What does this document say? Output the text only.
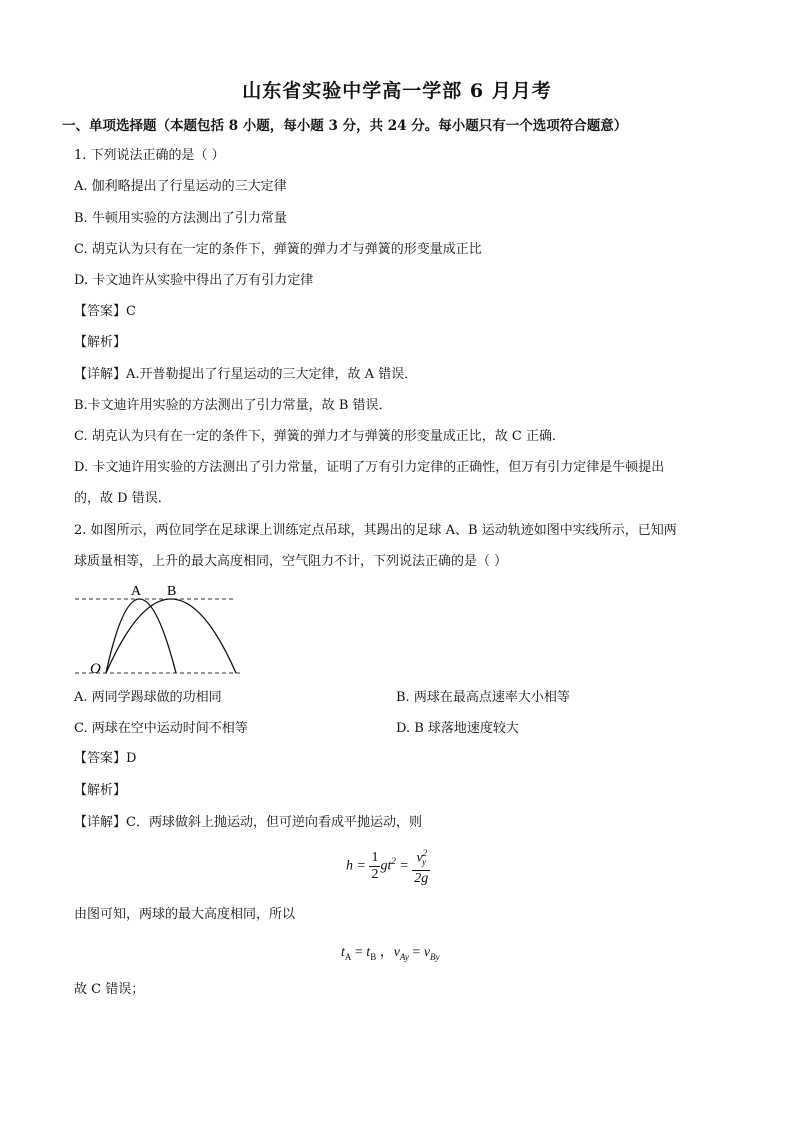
山东省实验中学高一学部 6 月月考
一、单项选择题（本题包括 8 小题，每小题 3 分，共 24 分。每小题只有一个选项符合题意）
1. 下列说法正确的是（ ）
A. 伽利略提出了行星运动的三大定律
B. 牛顿用实验的方法测出了引力常量
C. 胡克认为只有在一定的条件下，弹簧的弹力才与弹簧的形变量成正比
D. 卡文迪许从实验中得出了万有引力定律
【答案】C
【解析】
【详解】A.开普勒提出了行星运动的三大定律，故 A 错误．
B.卡文迪许用实验的方法测出了引力常量，故 B 错误．
C. 胡克认为只有在一定的条件下，弹簧的弹力才与弹簧的形变量成正比，故 C 正确．
D. 卡文迪许用实验的方法测出了引力常量，证明了万有引力定律的正确性，但万有引力定律是牛顿提出
的，故 D 错误．
2. 如图所示，两位同学在足球课上训练定点吊球，其踢出的足球 A、B 运动轨迹如图中实线所示，已知两
球质量相等，上升的最大高度相同，空气阻力不计，下列说法正确的是（ ）
A B
O
A. 两同学踢球做的功相同	B. 两球在最高点速率大小相等
C. 两球在空中运动时间不相等	D. B 球落地速度较大
【答案】D
【解析】
【详解】C．两球做斜上抛运动，但可逆向看成平抛运动，则
$h = \frac{1}{2} gt^2 = \frac{v^2_y}{2g}$
由图可知，两球的最大高度相同，所以
$t_A = t_B$ ，$v_{Ay} = v_{By}$
故 C 错误；
